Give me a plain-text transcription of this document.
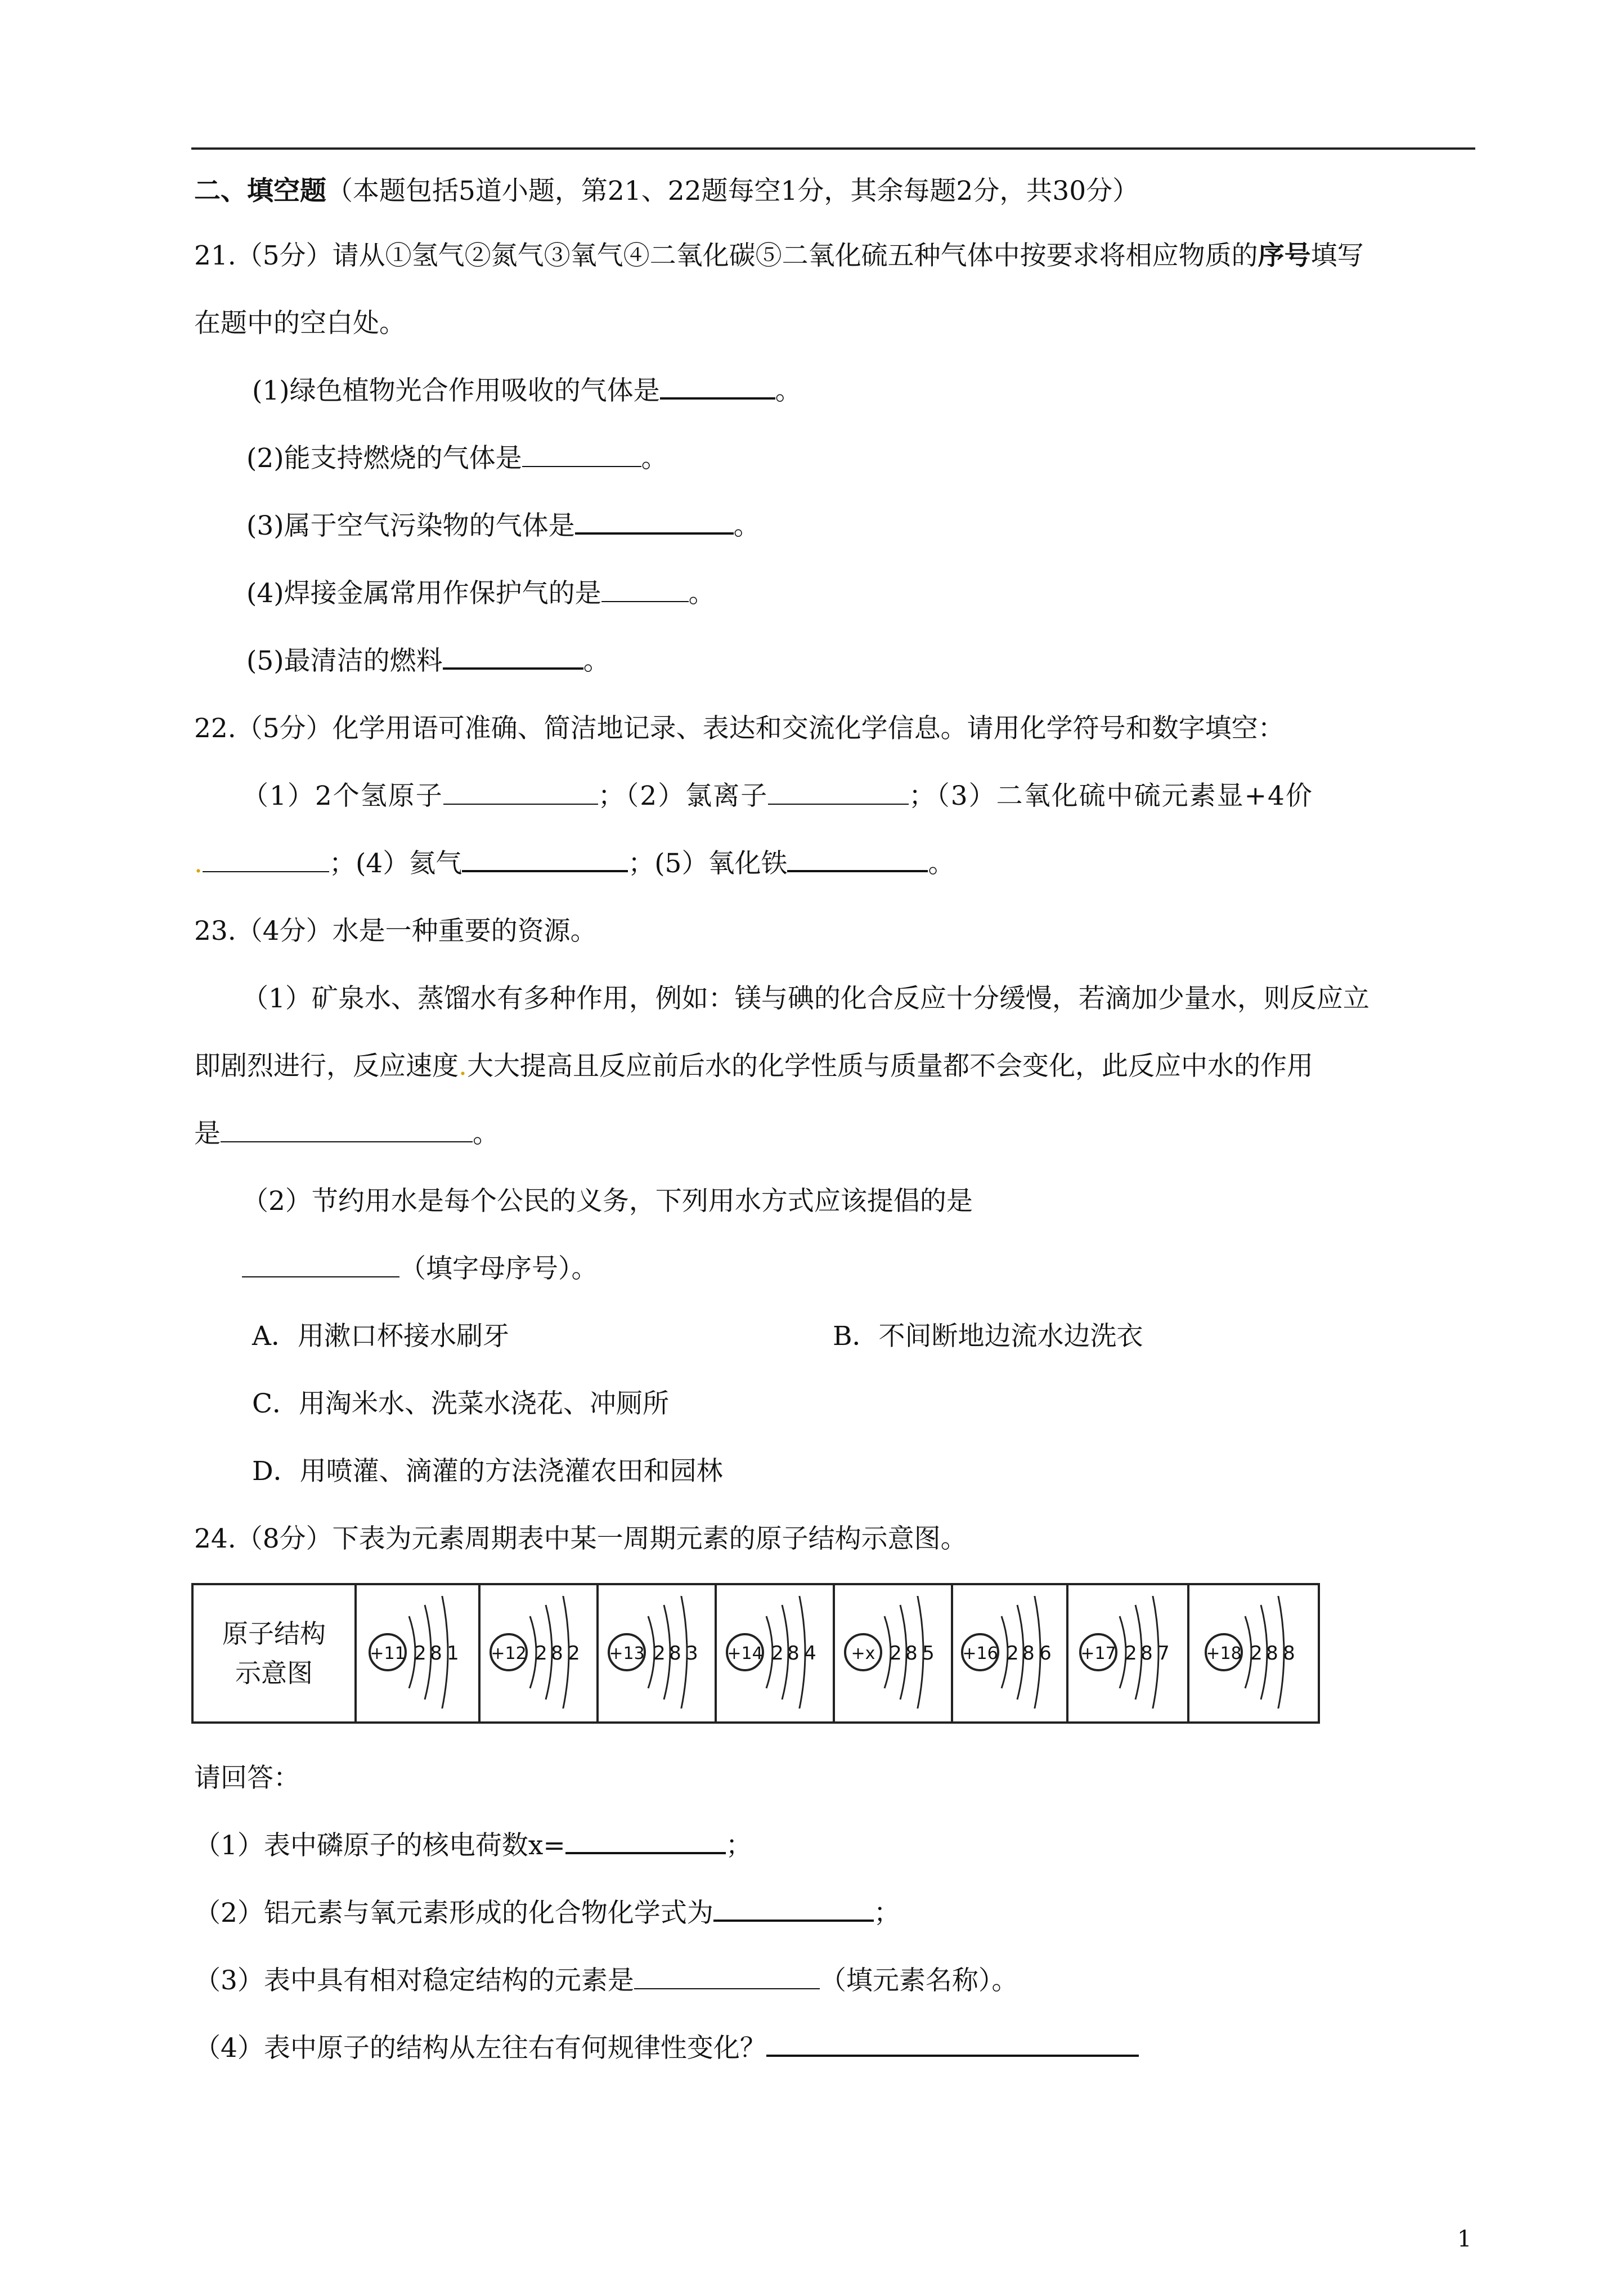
二、填空题（本题包括5道小题，第21、22题每空1分，其余每题2分，共30分）
21.（5分）请从①氢气②氮气③氧气④二氧化碳⑤二氧化硫五种气体中按要求将相应物质的序号填写
在题中的空白处。
(1)绿色植物光合作用吸收的气体是	。
(2)能支持燃烧的气体是	。
(3)属于空气污染物的气体是	。
(4)焊接金属常用作保护气的是	。
(5)最清洁的燃料	。
22.（5分）化学用语可准确、简洁地记录、表达和交流化学信息。请用化学符号和数字填空：
（1）2个氢原子	；（2）氯离子	；（3）二氧化硫中硫元素显+4价
.	；(4）氦气	；(5）氧化铁	。
23.（4分）水是一种重要的资源。
（1）矿泉水、蒸馏水有多种作用，例如：镁与碘的化合反应十分缓慢，若滴加少量水，则反应立
即剧烈进行，反应速度.大大提高且反应前后水的化学性质与质量都不会变化，此反应中水的作用
是	。
（2）节约用水是每个公民的义务，下列用水方式应该提倡的是
（填字母序号）。
A．用漱口杯接水刷牙	B．不间断地边流水边洗衣
C．用淘米水、洗菜水浇花、冲厕所
D．用喷灌、滴灌的方法浇灌农田和园林
24.（8分）下表为元素周期表中某一周期元素的原子结构示意图。
原子结构
示意图

+11 2 8 1	+12 2 8 2	+13 2 8 3	+14 2 8 4	+x 2 8 5	+16 2 8 6	+17 2 8 7	+18 2 8 8
请回答：
（1）表中磷原子的核电荷数x=	；
（2）铝元素与氧元素形成的化合物化学式为	；
（3）表中具有相对稳定结构的元素是	（填元素名称）。
（4）表中原子的结构从左往右有何规律性变化？
1
